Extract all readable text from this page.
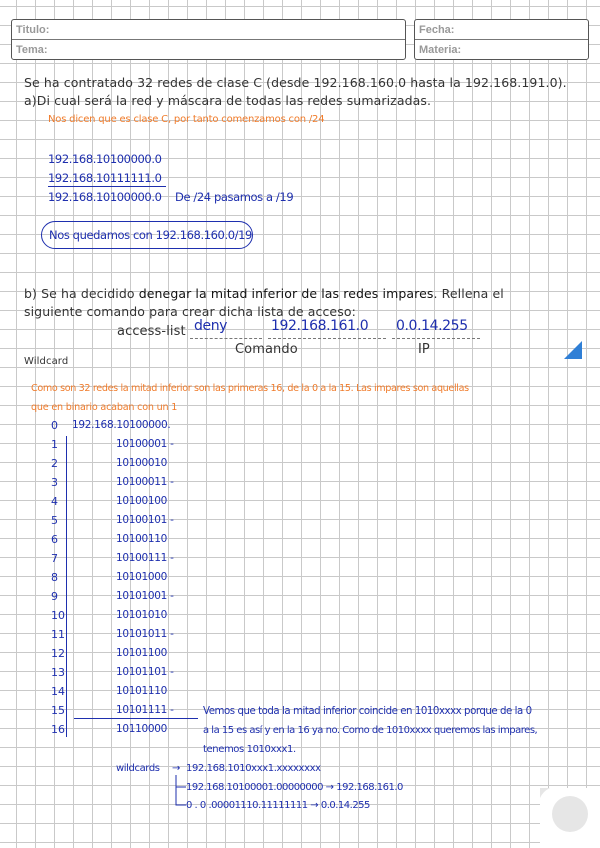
Titulo:
Tema:
Fecha:
Materia:
Se ha contratado 32 redes de clase C (desde 192.168.160.0 hasta la 192.168.191.0).
a)Di cual será la red y máscara de todas las redes sumarizadas.
Nos dicen que es clase C, por tanto comenzamos con /24
192.168.10100000.0
192.168.10111111.0
192.168.10100000.0 De /24 pasamos a /19
Nos quedamos con 192.168.160.0/19
b) Se ha decidido denegar la mitad inferior de las redes impares. Rellena el
siguiente comando para crear dicha lista de acceso:
access-list deny	192.168.161.0 0.0.14.255
Comando	IP
Wildcard
Como son 32 redes la mitad inferior son las primeras 16, de la 0 a la 15. Las impares son aquellas
que en binario acaban con un 1
0 192.168.10100000.
1	10100001 -
2	10100010
3	10100011 -
4	10100100
5	10100101 -
6	10100110
7	10100111 -
8	10101000
9	10101001 -
10	10101010
11	10101011 -
12	10101100
13	10101101 -
14	10101110
15	10101111 -
16	10110000
Vemos que toda la mitad inferior coincide en 1010xxxx porque de la 0
a la 15 es así y en la 16 ya no. Como de 1010xxxx queremos las impares,
tenemos 1010xxx1.
wildcards → 192.168.1010xxx1.xxxxxxxx
192.168.10100001.00000000 → 192.168.161.0
0 . 0 .00001110.11111111 → 0.0.14.255
